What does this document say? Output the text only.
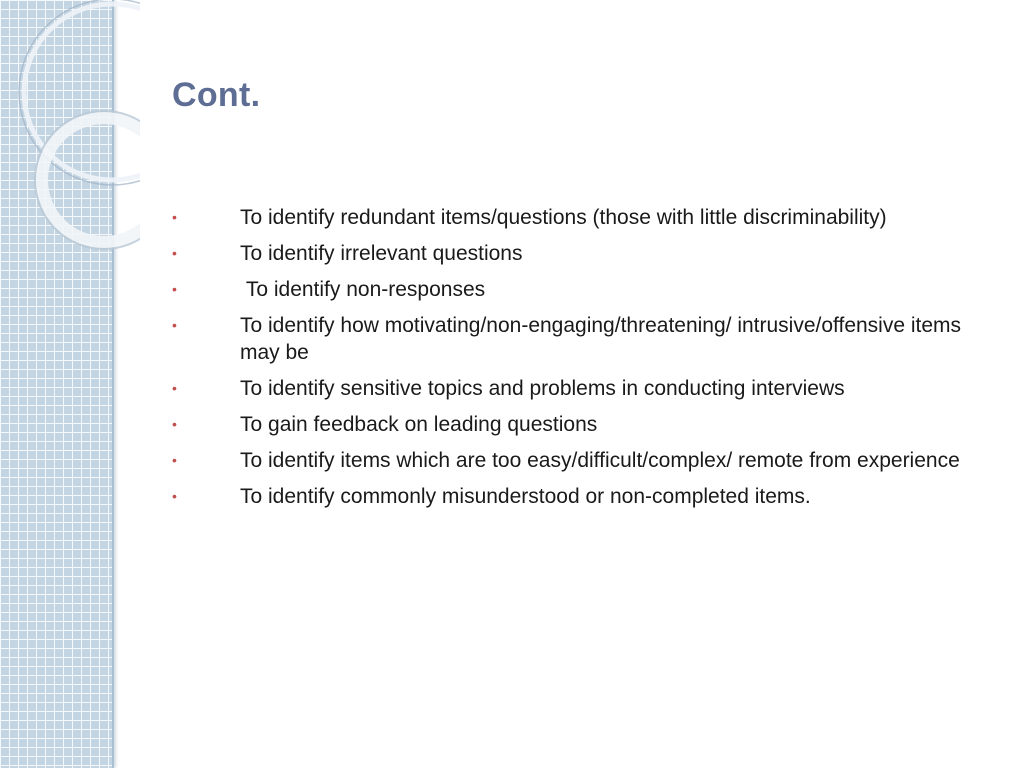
Cont.
•	To identify redundant items/questions (those with little discriminability)
•	To identify irrelevant questions
•	To identify non-responses
•	To identify how motivating/non-engaging/threatening/ intrusive/offensive items may be
•	To identify sensitive topics and problems in conducting interviews
•	To gain feedback on leading questions
•	To identify items which are too easy/difficult/complex/ remote from experience
•	To identify commonly misunderstood or non-completed items.
